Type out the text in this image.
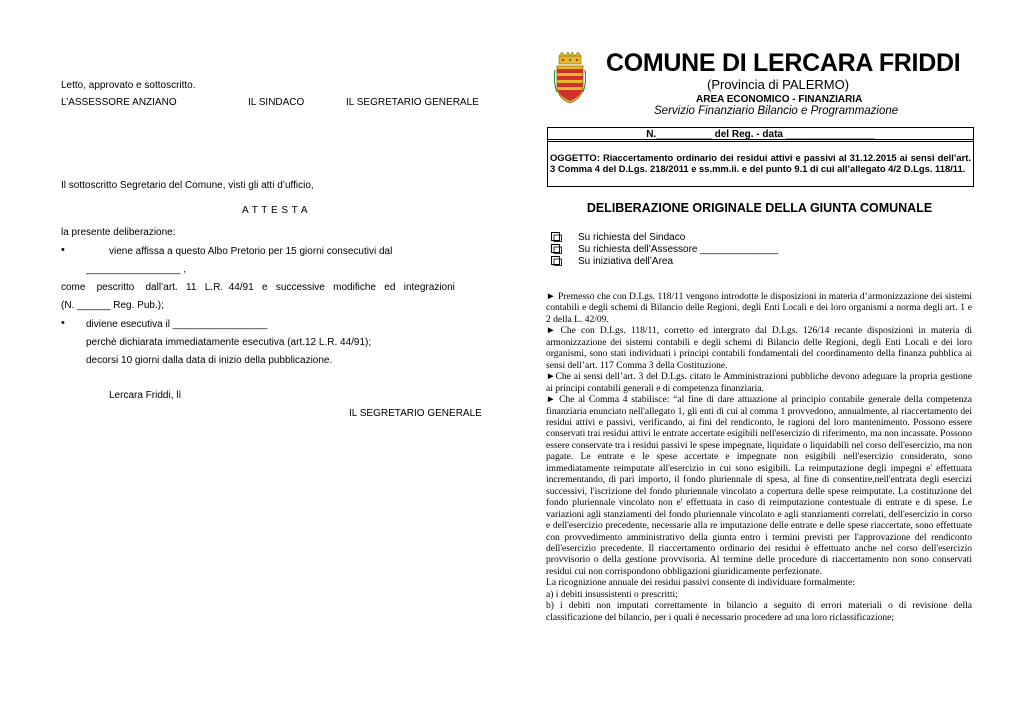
Letto, approvato e sottoscritto.
L’ASSESSORE ANZIANO	IL SINDACO	IL SEGRETARIO GENERALE
Il sottoscritto Segretario del Comune, visti gli atti d’ufficio,
A T T E S T A
la presente deliberazione:
•	viene affissa a questo Albo Pretorio per 15 giorni consecutivi dal
_________________ ,
come    pescritto    dall’art.   11   L.R.  44/91   e   successive   modifiche   ed   integrazioni
(N. ______ Reg. Pub.);
• diviene esecutiva il _________________
perchè dichiarata immediatamente esecutiva (art.12 L.R. 44/91);
decorsi 10 giorni dalla data di inizio della pubblicazione.
Lercara Friddi, lì
IL SEGRETARIO GENERALE
COMUNE DI LERCARA FRIDDI
(Provincia di PALERMO)
AREA ECONOMICO - FINANZIARIA
Servizio Finanziario Bilancio e Programmazione
N.__________ del Reg. - data ________________
OGGETTO: Riaccertamento ordinario dei residui attivi e passivi al 31.12.2015 ai sensi dell’art. 3 Comma 4 del D.Lgs. 218/2011 e ss.mm.ii. e del punto 9.1 di cui all’allegato 4/2 D.Lgs. 118/11.
DELIBERAZIONE ORIGINALE DELLA GIUNTA COMUNALE
Su richiesta del Sindaco
Su richiesta dell’Assessore ______________
Su iniziativa dell’Area

► Premesso che con D.Lgs. 118/11 vengono introdotte le disposizioni in materia d’armonizzazione dei sistemi contabili e degli schemi di Bilancio delle Regioni, degli Enti Locali e dei loro organismi a norma degli art. 1 e 2 della L. 42/09.

► Che con D.Lgs. 118/11, corretto ed intergrato dal D.Lgs. 126/14 recante disposizioni in materia di armonizzazione dei sistemi contabili e degli schemi di Bilancio delle Regioni, degli Enti Locali e dei loro organismi, sono stati individuati i principi contabili fondamentali del coordinamento della finanza pubblica ai sensi dell’art. 117 Comma 3 della Costituzione.

►Che ai sensi dell’art. 3 del D.Lgs. citato le Amministrazioni pubbliche devono adeguare la propria gestione ai principi contabili generali e di competenza finanziaria.

► Che al Comma 4 stabilisce: “al fine di dare attuazione al principio contabile generale della competenza finanziaria enunciato nell'allegato 1, gli enti di cui al comma 1 provvedono, annualmente, al riaccertamento dei residui attivi e passivi, verificando, ai fini del rendiconto, le ragioni del loro mantenimento. Possono essere conservati trai residui attivi le entrate accertate esigibili nell'esercizio di riferimento, ma non incassate. Possono essere conservate tra i residui passivi le spese impegnate, liquidate o liquidabili nel corso dell'esercizio, ma non pagate. Le entrate e le spese accertate e impegnate non esigibili nell'esercizio considerato, sono immediatamente reimputate all'esercizio in cui sono esigibili. La reimputazione degli impegni e' effettuata incrementando, di pari importo, il fondo pluriennale di spesa, al fine di consentire,nell'entrata degli esercizi successivi, l'iscrizione del fondo pluriennale vincolato a copertura delle spese reimputate. La costituzione del fondo pluriennale vincolato non e' effettuata in caso di reimputazione contestuale di entrate e di spese. Le variazioni agli stanziamenti del fondo pluriennale vincolato e agli stanziamenti correlati, dell'esercizio in corso e dell'esercizio precedente, necessarie alla re imputazione delle entrate e delle spese riaccertate, sono effettuate con provvedimento amministrativo della giunta entro i termini previsti per l'approvazione del rendiconto dell'esercizio precedente. Il riaccertamento ordinario dei residui è effettuato anche nel corso dell'esercizio provvisorio o della gestione provvisoria. Al termine delle procedure di riaccertamento non sono conservati residui cui non corrispondono obbligazioni giuridicamente perfezionate.

La ricognizione annuale dei residui passivi consente di individuare formalmente:

a) i debiti insussistenti o prescritti;

b) i debiti non imputati correttamente in bilancio a seguito di errori materiali o di revisione della classificazione del bilancio, per i quali è necessario procedere ad una loro riclassificazione;
